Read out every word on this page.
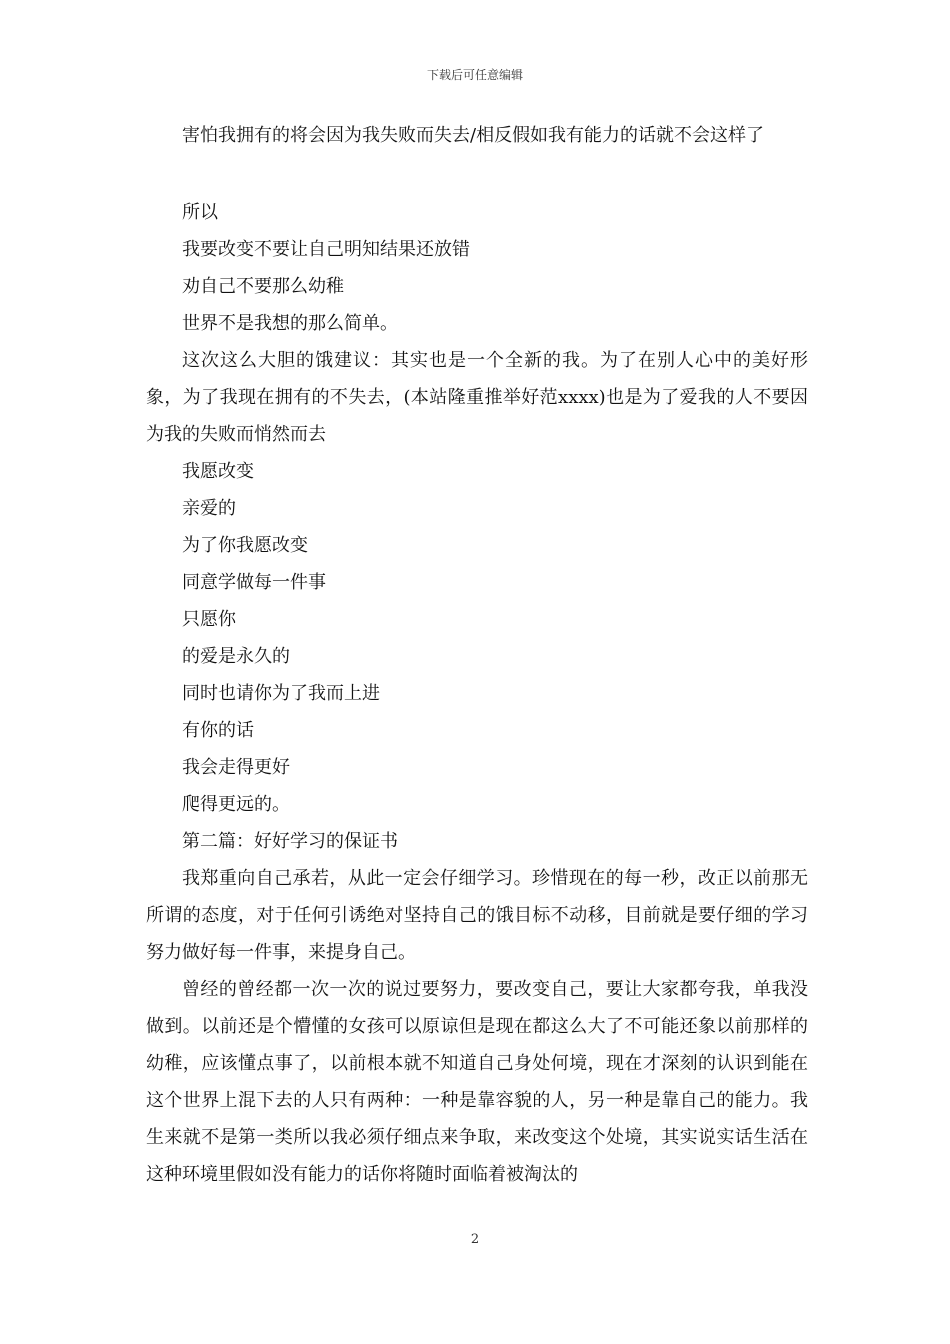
下载后可任意编辑

害怕我拥有的将会因为我失败而失去/相反假如我有能力的话就不会这样了

所以

我要改变不要让自己明知结果还放错

劝自己不要那么幼稚

世界不是我想的那么简单。

这次这么大胆的饿建议：其实也是一个全新的我。为了在别人心中的美好形象，为了我现在拥有的不失去，(本站隆重推举好范xxxx)也是为了爱我的人不要因为我的失败而悄然而去

我愿改变

亲爱的

为了你我愿改变

同意学做每一件事

只愿你

的爱是永久的

同时也请你为了我而上进

有你的话

我会走得更好

爬得更远的。

第二篇：好好学习的保证书

我郑重向自己承若，从此一定会仔细学习。珍惜现在的每一秒，改正以前那无所谓的态度，对于任何引诱绝对坚持自己的饿目标不动移，目前就是要仔细的学习努力做好每一件事，来提身自己。

曾经的曾经都一次一次的说过要努力，要改变自己，要让大家都夸我，单我没做到。以前还是个懵懂的女孩可以原谅但是现在都这么大了不可能还象以前那样的幼稚，应该懂点事了，以前根本就不知道自己身处何境，现在才深刻的认识到能在这个世界上混下去的人只有两种：一种是靠容貌的人，另一种是靠自己的能力。我生来就不是第一类所以我必须仔细点来争取，来改变这个处境，其实说实话生活在这种环境里假如没有能力的话你将随时面临着被淘汰的

2
